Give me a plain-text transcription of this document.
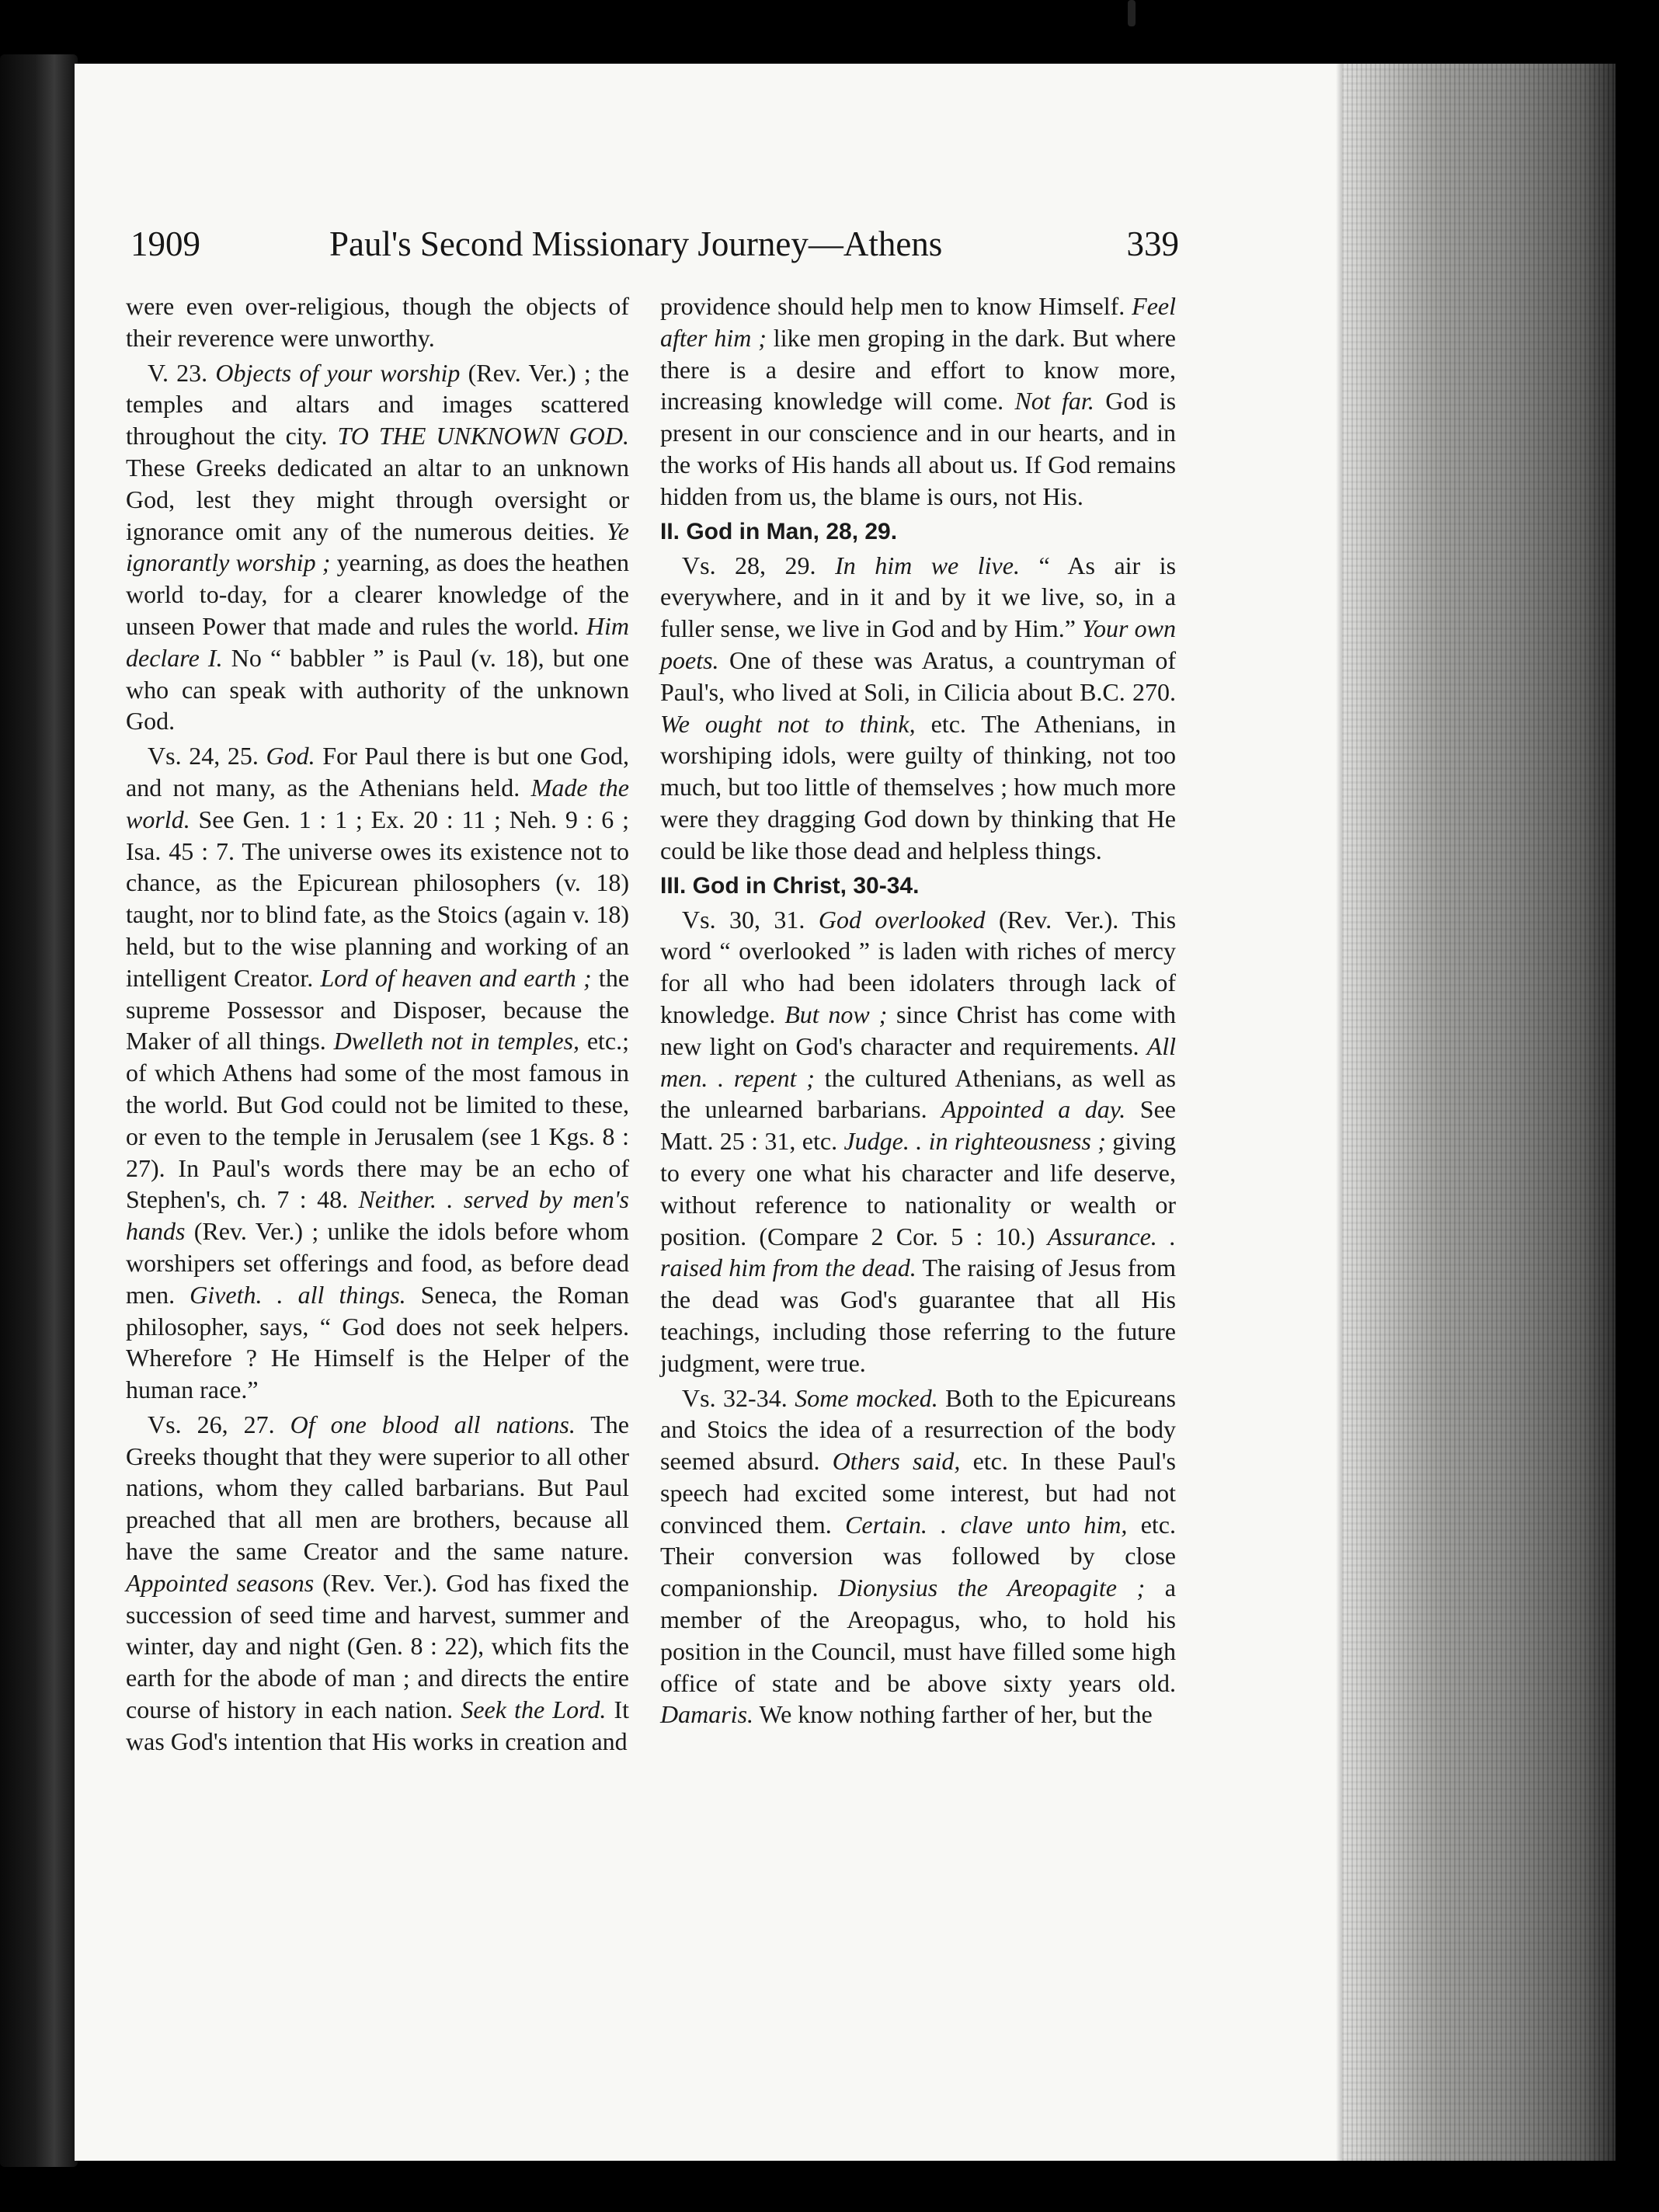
1909	Paul's Second Missionary Journey—Athens	339

were even over-religious, though the objects of their reverence were unworthy.

V. 23. Objects of your worship (Rev. Ver.) ; the temples and altars and images scattered throughout the city. TO THE UNKNOWN GOD. These Greeks dedicated an altar to an unknown God, lest they might through oversight or ignorance omit any of the numerous deities. Ye ignorantly worship ; yearning, as does the heathen world to-day, for a clearer knowledge of the unseen Power that made and rules the world. Him declare I. No “ babbler ” is Paul (v. 18), but one who can speak with authority of the unknown God.

Vs. 24, 25. God. For Paul there is but one God, and not many, as the Athenians held. Made the world. See Gen. 1 : 1 ; Ex. 20 : 11 ; Neh. 9 : 6 ; Isa. 45 : 7. The universe owes its existence not to chance, as the Epicurean philosophers (v. 18) taught, nor to blind fate, as the Stoics (again v. 18) held, but to the wise planning and working of an intelligent Creator. Lord of heaven and earth ; the supreme Possessor and Disposer, because the Maker of all things. Dwelleth not in temples, etc.; of which Athens had some of the most famous in the world. But God could not be limited to these, or even to the temple in Jerusalem (see 1 Kgs. 8 : 27). In Paul's words there may be an echo of Stephen's, ch. 7 : 48. Neither. . served by men's hands (Rev. Ver.) ; unlike the idols before whom worshipers set offerings and food, as before dead men. Giveth. . all things. Seneca, the Roman philosopher, says, “ God does not seek helpers. Wherefore ? He Himself is the Helper of the human race.”

Vs. 26, 27. Of one blood all nations. The Greeks thought that they were superior to all other nations, whom they called barbarians. But Paul preached that all men are brothers, because all have the same Creator and the same nature. Appointed seasons (Rev. Ver.). God has fixed the succession of seed time and harvest, summer and winter, day and night (Gen. 8 : 22), which fits the earth for the abode of man ; and directs the entire course of history in each nation. Seek the Lord. It was God's intention that His works in creation and

providence should help men to know Himself. Feel after him ; like men groping in the dark. But where there is a desire and effort to know more, increasing knowledge will come. Not far. God is present in our conscience and in our hearts, and in the works of His hands all about us. If God remains hidden from us, the blame is ours, not His.

II. God in Man, 28, 29.

Vs. 28, 29. In him we live. “ As air is everywhere, and in it and by it we live, so, in a fuller sense, we live in God and by Him.” Your own poets. One of these was Aratus, a countryman of Paul's, who lived at Soli, in Cilicia about B.C. 270. We ought not to think, etc. The Athenians, in worshiping idols, were guilty of thinking, not too much, but too little of themselves ; how much more were they dragging God down by thinking that He could be like those dead and helpless things.

III. God in Christ, 30-34.

Vs. 30, 31. God overlooked (Rev. Ver.). This word “ overlooked ” is laden with riches of mercy for all who had been idolaters through lack of knowledge. But now ; since Christ has come with new light on God's character and requirements. All men. . repent ; the cultured Athenians, as well as the unlearned barbarians. Appointed a day. See Matt. 25 : 31, etc. Judge. . in righteousness ; giving to every one what his character and life deserve, without reference to nationality or wealth or position. (Compare 2 Cor. 5 : 10.) Assurance. . raised him from the dead. The raising of Jesus from the dead was God's guarantee that all His teachings, including those referring to the future judgment, were true.

Vs. 32-34. Some mocked. Both to the Epicureans and Stoics the idea of a resurrection of the body seemed absurd. Others said, etc. In these Paul's speech had excited some interest, but had not convinced them. Certain. . clave unto him, etc. Their conversion was followed by close companionship. Dionysius the Areopagite ; a member of the Areopagus, who, to hold his position in the Council, must have filled some high office of state and be above sixty years old. Damaris. We know nothing farther of her, but the
